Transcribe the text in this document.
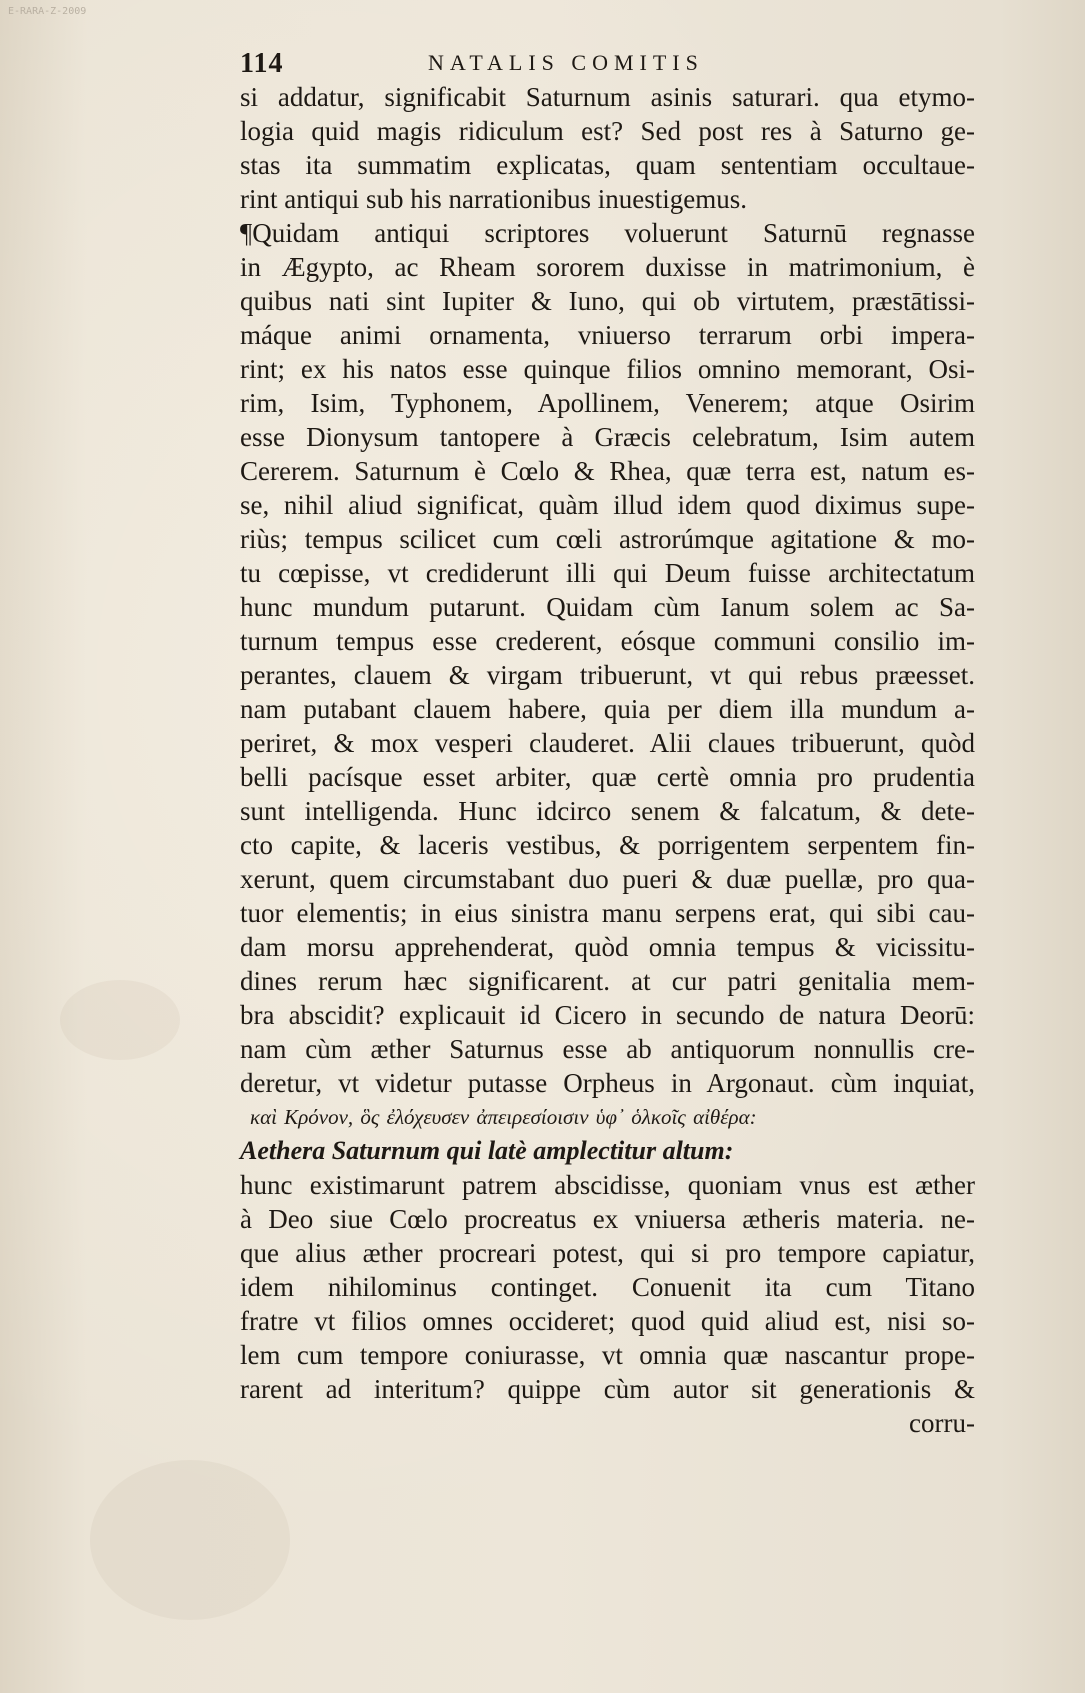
E-RARA-Z-2009
114	NATALIS COMITIS
si addatur, significabit Saturnum asinis saturari. qua etymo-
logia quid magis ridiculum est? Sed post res à Saturno ge-
stas ita summatim explicatas, quam sententiam occultaue-
rint antiqui sub his narrationibus inuestigemus.
¶Quidam antiqui scriptores voluerunt Saturnū regnasse
in Ægypto, ac Rheam sororem duxisse in matrimonium, è
quibus nati sint Iupiter & Iuno, qui ob virtutem, præstātissi-
máque animi ornamenta, vniuerso terrarum orbi impera-
rint; ex his natos esse quinque filios omnino memorant, Osi-
rim, Isim, Typhonem, Apollinem, Venerem; atque Osirim
esse Dionysum tantopere à Græcis celebratum, Isim autem
Cererem. Saturnum è Cœlo & Rhea, quæ terra est, natum es-
se, nihil aliud significat, quàm illud idem quod diximus supe-
riùs; tempus scilicet cum cœli astrorúmque agitatione & mo-
tu cœpisse, vt crediderunt illi qui Deum fuisse architectatum
hunc mundum putarunt. Quidam cùm Ianum solem ac Sa-
turnum tempus esse crederent, eósque communi consilio im-
perantes, clauem & virgam tribuerunt, vt qui rebus præesset.
nam putabant clauem habere, quia per diem illa mundum a-
periret, & mox vesperi clauderet. Alii claues tribuerunt, quòd
belli pacísque esset arbiter, quæ certè omnia pro prudentia
sunt intelligenda. Hunc idcirco senem & falcatum, & dete-
cto capite, & laceris vestibus, & porrigentem serpentem fin-
xerunt, quem circumstabant duo pueri & duæ puellæ, pro qua-
tuor elementis; in eius sinistra manu serpens erat, qui sibi cau-
dam morsu apprehenderat, quòd omnia tempus & vicissitu-
dines rerum hæc significarent. at cur patri genitalia mem-
bra abscidit? explicauit id Cicero in secundo de natura Deorū:
nam cùm æther Saturnus esse ab antiquorum nonnullis cre-
deretur, vt videtur putasse Orpheus in Argonaut. cùm inquiat,
καὶ Κρόνον, ὃς ἐλόχευσεν ἀπειρεσίοισιν ὑφ᾽ ὁλκοῖς αἰθέρα:
Aethera Saturnum qui latè amplectitur altum:
hunc existimarunt patrem abscidisse, quoniam vnus est æther
à Deo siue Cœlo procreatus ex vniuersa ætheris materia. ne-
que alius æther procreari potest, qui si pro tempore capiatur,
idem nihilominus continget. Conuenit ita cum Titano
fratre vt filios omnes occideret; quod quid aliud est, nisi so-
lem cum tempore coniurasse, vt omnia quæ nascantur prope-
rarent ad interitum? quippe cùm autor sit generationis &
corru-
